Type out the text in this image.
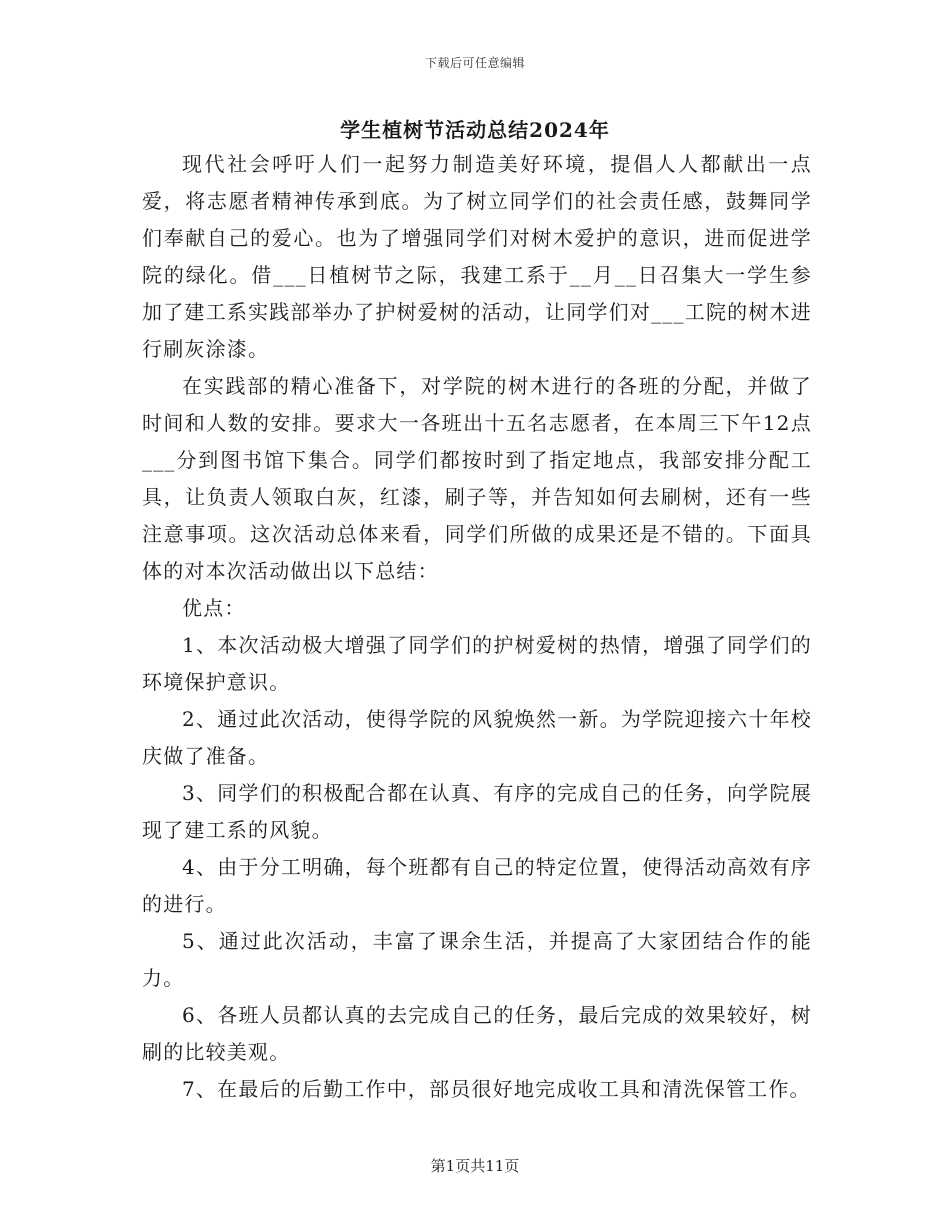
下载后可任意编辑
学生植树节活动总结2024年

现代社会呼吁人们一起努力制造美好环境，提倡人人都献出一点爱，将志愿者精神传承到底。为了树立同学们的社会责任感，鼓舞同学们奉献自己的爱心。也为了增强同学们对树木爱护的意识，进而促进学院的绿化。借___日植树节之际，我建工系于__月__日召集大一学生参加了建工系实践部举办了护树爱树的活动，让同学们对___工院的树木进行刷灰涂漆。

在实践部的精心准备下，对学院的树木进行的各班的分配，并做了时间和人数的安排。要求大一各班出十五名志愿者，在本周三下午12点___分到图书馆下集合。同学们都按时到了指定地点，我部安排分配工具，让负责人领取白灰，红漆，刷子等，并告知如何去刷树，还有一些注意事项。这次活动总体来看，同学们所做的成果还是不错的。下面具体的对本次活动做出以下总结：

优点：

1、本次活动极大增强了同学们的护树爱树的热情，增强了同学们的环境保护意识。

2、通过此次活动，使得学院的风貌焕然一新。为学院迎接六十年校庆做了准备。

3、同学们的积极配合都在认真、有序的完成自己的任务，向学院展现了建工系的风貌。

4、由于分工明确，每个班都有自己的特定位置，使得活动高效有序的进行。

5、通过此次活动，丰富了课余生活，并提高了大家团结合作的能力。

6、各班人员都认真的去完成自己的任务，最后完成的效果较好，树刷的比较美观。

7、在最后的后勤工作中，部员很好地完成收工具和清洗保管工作。

第1页共11页
